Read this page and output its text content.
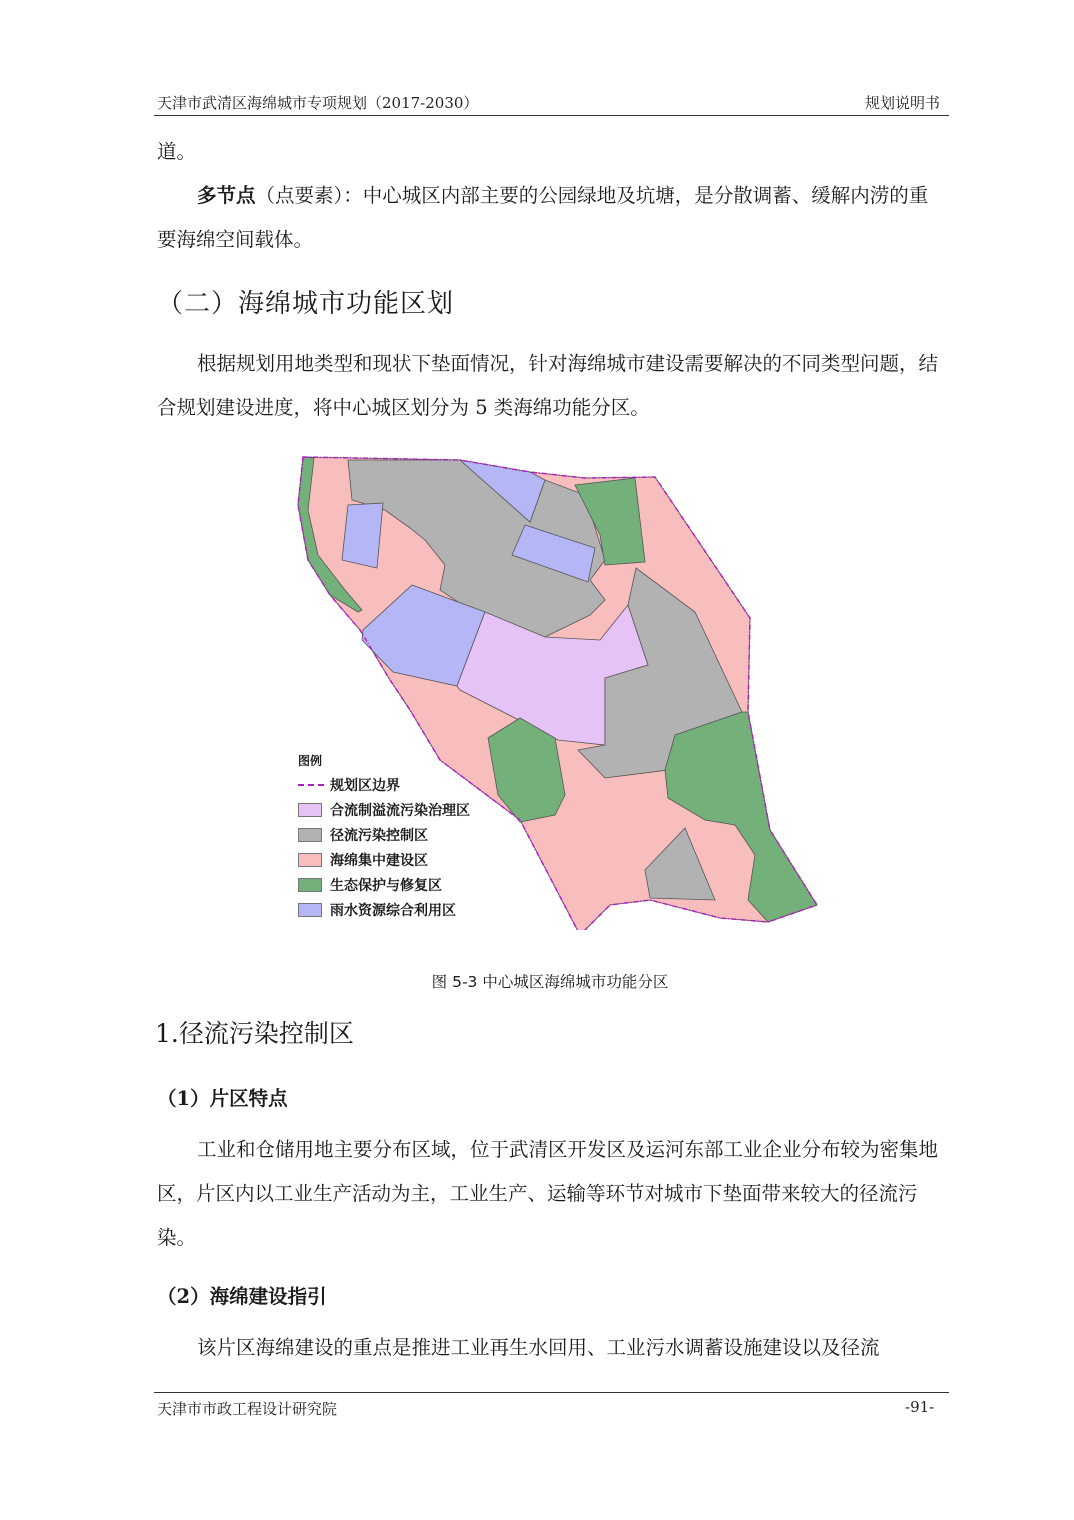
天津市武清区海绵城市专项规划（2017-2030）	规划说明书
道。
多节点（点要素）：中心城区内部主要的公园绿地及坑塘，是分散调蓄、缓解内涝的重要海绵空间载体。
（二）海绵城市功能区划
根据规划用地类型和现状下垫面情况，针对海绵城市建设需要解决的不同类型问题，结合规划建设进度，将中心城区划分为 5 类海绵功能分区。
图例
规划区边界
合流制溢流污染治理区
径流污染控制区
海绵集中建设区
生态保护与修复区
雨水资源综合利用区
图 5-3 中心城区海绵城市功能分区
1.径流污染控制区
（1）片区特点
工业和仓储用地主要分布区域，位于武清区开发区及运河东部工业企业分布较为密集地区，片区内以工业生产活动为主，工业生产、运输等环节对城市下垫面带来较大的径流污染。
（2）海绵建设指引
该片区海绵建设的重点是推进工业再生水回用、工业污水调蓄设施建设以及径流
天津市市政工程设计研究院	-91-
